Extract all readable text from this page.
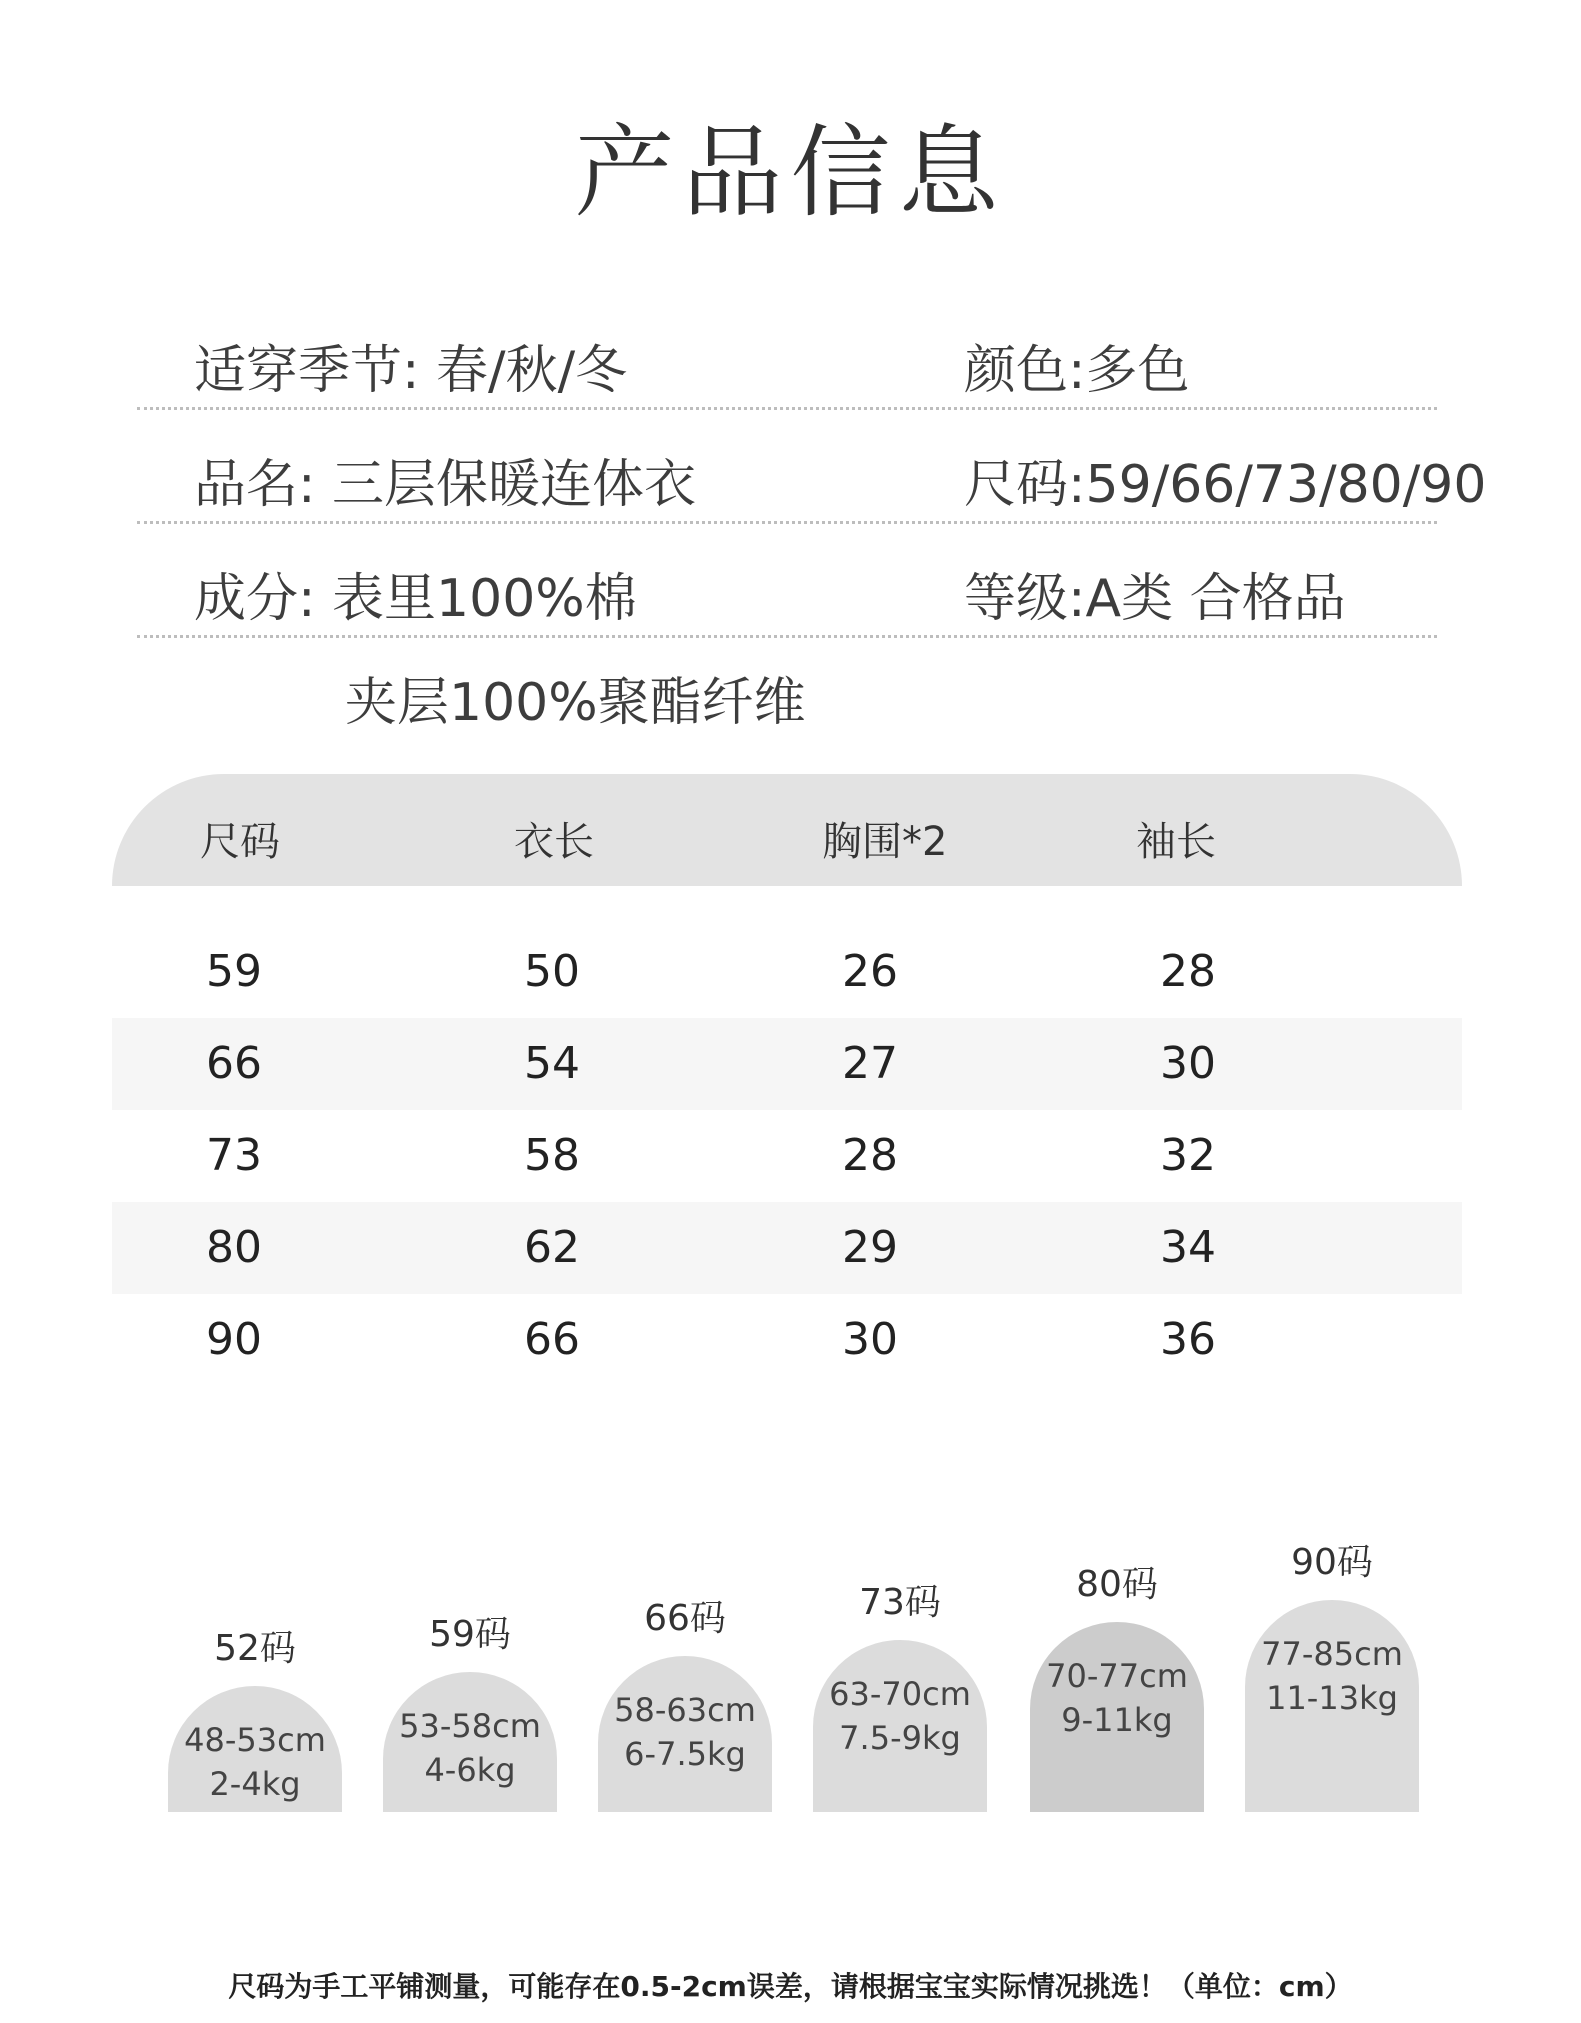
产品信息
适穿季节: 春/秋/冬	颜色:多色
品名: 三层保暖连体衣	尺码:59/66/73/80/90
成分: 表里100%棉	等级:A类 合格品
夹层100%聚酯纤维
尺码	衣长	胸围*2	袖长
59	50	26	28
66	54	27	30
73	58	28	32
80	62	29	34
90	66	30	36
52码
48-53cm
2-4kg
59码
53-58cm
4-6kg
66码
58-63cm
6-7.5kg
73码
63-70cm
7.5-9kg
80码
70-77cm
9-11kg
90码
77-85cm
11-13kg
尺码为手工平铺测量，可能存在0.5-2cm误差，请根据宝宝实际情况挑选！（单位：cm）
